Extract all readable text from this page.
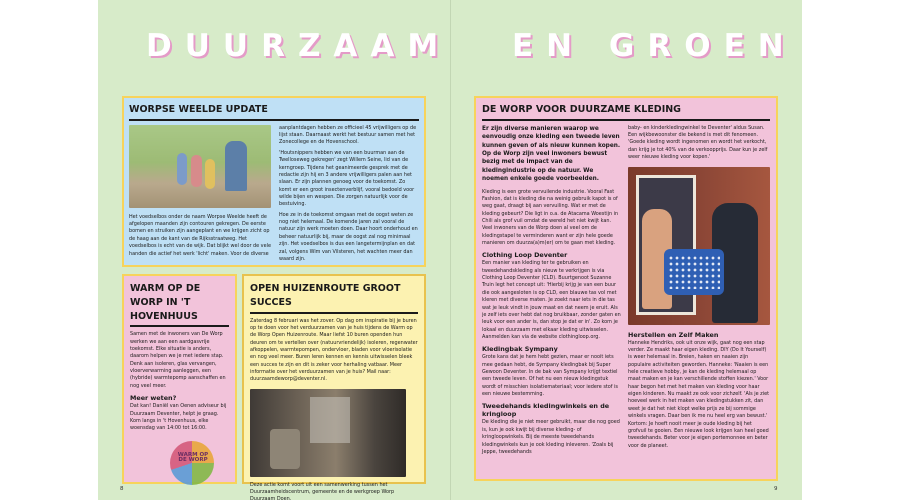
DUURZAAM EN GROEN
WORPSE WEELDE UPDATE

Het voedselbos onder de naam Worpse Weelde heeft de afgelopen maanden zijn contouren gekregen. De eerste bomen en struiken zijn aangeplant en we krijgen zicht op de haag aan de kant van de Rijksstraatweg. Het voedselbos is echt van de wijk. Dat blijkt wel door de vele handen die actief het werk 'licht' maken. Voor de diverse

aanplantdagen hebben ze officieel 45 vrijwilligers op de lijst staan. Daarnaast werkt het bestuur samen met het Zonecollege en de Hovenschool.

'Houtsnippers hebben we van een buurman aan de Twelloseweg gekregen' zegt Willem Seine, lid van de kerngroep. Tijdens het geanimeerde gesprek met de redactie zijn hij en 3 andere vrijwilligers palen aan het slaan. Er zijn plannen genoeg voor de toekomst. Zo komt er een groot insectenverblijf, vooral bedoeld voor wilde bijen en wespen. Die zorgen natuurlijk voor de bestuiving.

Hoe ze in de toekomst omgaan met de oogst weten ze nog niet helemaal. De komende jaren zal vooral de natuur zijn werk moeten doen. Daar hoort onderhoud en beheer natuurlijk bij, maar de oogst zal nog minimaal zijn. Het voedselbos is dus een langetermijnplan en dat zal, volgens Wim van Vilsteren, het wachten meer dan waard zijn.

WARM OP DE WORP IN 'T HOVENHUUS

Samen met de inwoners van De Worp werken we aan een aardgasvrije toekomst. Elke situatie is anders, daarom helpen we je met iedere stap. Denk aan isoleren, glas vervangen, vloerverwarming aanleggen, een (hybride) warmtepomp aanschaffen en nog veel meer.

Meer weten?

Dat kan! Daniël van Oenen adviseur bij Duurzaam Deventer, helpt je graag. Kom langs in 't Hovenhuus, elke woensdag van 14:00 tot 16:00.

WARM OP DE WORP
OPEN HUIZENROUTE GROOT SUCCES

Zaterdag 8 februari was het zover. Op dag om inspiratie bij je buren op te doen voor het verduurzamen van je huis tijdens de Warm op de Worp Open Huizenroute. Maar liefst 10 buren openden hun deuren om te vertellen over (natuurvriendelijk) isoleren, regenwater afkoppelen, warmtepompen, ondervloer, bladen voor vloerisolatie en nog veel meer. Buren leren kennen en kennis uitwisselen bleek een succes te zijn en dit is zeker voor herhaling vatbaar. Meer informatie over het verduurzamen van je huis? Mail naar: duurzaamdeworp@deventer.nl.

Deze actie komt voort uit een samenwerking tussen het Duurzaamheidscentrum, gemeente en de werkgroep Worp Duurzaam Doen.

8
DE WORP VOOR DUURZAME KLEDING

Er zijn diverse manieren waarop we eenvoudig onze kleding een tweede leven kunnen geven of als nieuw kunnen kopen. Op de Worp zijn veel inwoners bewust bezig met de impact van de kledingindustrie op de natuur. We noemen enkele goede voorbeelden.

Kleding is een grote vervuilende industrie. Vooral Fast Fashion, dat is kleding die na weinig gebruik kapot is of weg gaat, draagt bij aan vervuiling. Wat er met de kleding gebeurt? Die ligt in o.a. de Atacama Woestijn in Chili als grof vuil omdat de wereld het niet kwijt kan. Veel inwoners van de Worp doen al veel om de kledingstapel te verminderen want er zijn hele goede manieren om duurza(a)m(er) om te gaan met kleding.

Clothing Loop Deventer

Een manier van kleding ter te gebruiken en tweedehandskleding als nieuw te verkrijgen is via Clothing Loop Deventer (CLD). Buurtgenoot Suzanne Truin legt het concept uit: 'Hierbij krijg je van een buur die ook aangesloten is op CLD, een blauwe tas vol met kleren met diverse maten. Je zoekt naar iets in die tas wat je leuk vindt in jouw maat en dat neem je eruit. Als je zelf iets over hebt dat nog bruikbaar, zonder gaten en leuk voor een ander is, dan stop je dat er in'. Zo kom je lokaal en duurzaam met elkaar kleding uitwisselen. Aanmelden kan via de website clothingloop.org.

Kledingbak Sympany

Grote kans dat je hem hebt gezien, maar er nooit iets mee gedaan hebt, de Sympany kledingbak bij Super Gewoon Deventer. In de bak van Sympany krijgt textiel een tweede leven. Of het nu een nieuw kledingstuk wordt of misschien isolatiemateriaal; voor iedere stof is een nieuwe bestemming.

Tweedehands kledingwinkels en de kringloop

De kleding die je niet meer gebruikt, maar die nog goed is, kun je ook kwijt bij diverse kleding- of kringloopwinkels. Bij de meeste tweedehands kledingwinkels kun je ook kleding inleveren. 'Zoals bij Jeppe, tweedehands

baby- en kinderkledingwinkel te Deventer' aldus Susan. Een wijkbewoonster die bekend is met dit fenomeen. 'Goede kleding wordt ingenomen en wordt het verkocht, dan krijg je tot 40% van de verkoopprijs. Daar kun je zelf weer nieuwe kleding voor kopen.'

Herstellen en Zelf Maken

Hanneke Hendriks, ook uit onze wijk, gaat nog een stap verder. Ze maakt haar eigen kleding. DIY (Do It Yourself) is weer helemaal in. Breien, haken en naaien zijn populaire activiteiten geworden. Hanneke: 'Naaien is een hele creatieve hobby, je kan de kleding helemaal op maat maken en je kan verschillende stoffen kiezen.' Voor haar begon het met het maken van kleding voor haar eigen kinderen. Nu maakt ze ook voor zichzelf. 'Als je ziet hoeveel werk in het maken van kledingstukken zit, dan weet je dat het niet klopt welke prijs ze bij sommige winkels vragen. Daar ben ik me nu heel erg van bewust.' Kortom: Je hoeft nooit meer je oude kleding bij het grofvuil te gooien. Een nieuwe look krijgen kan heel goed tweedehands. Beter voor je eigen portemonnee en beter voor de planeet.

9
